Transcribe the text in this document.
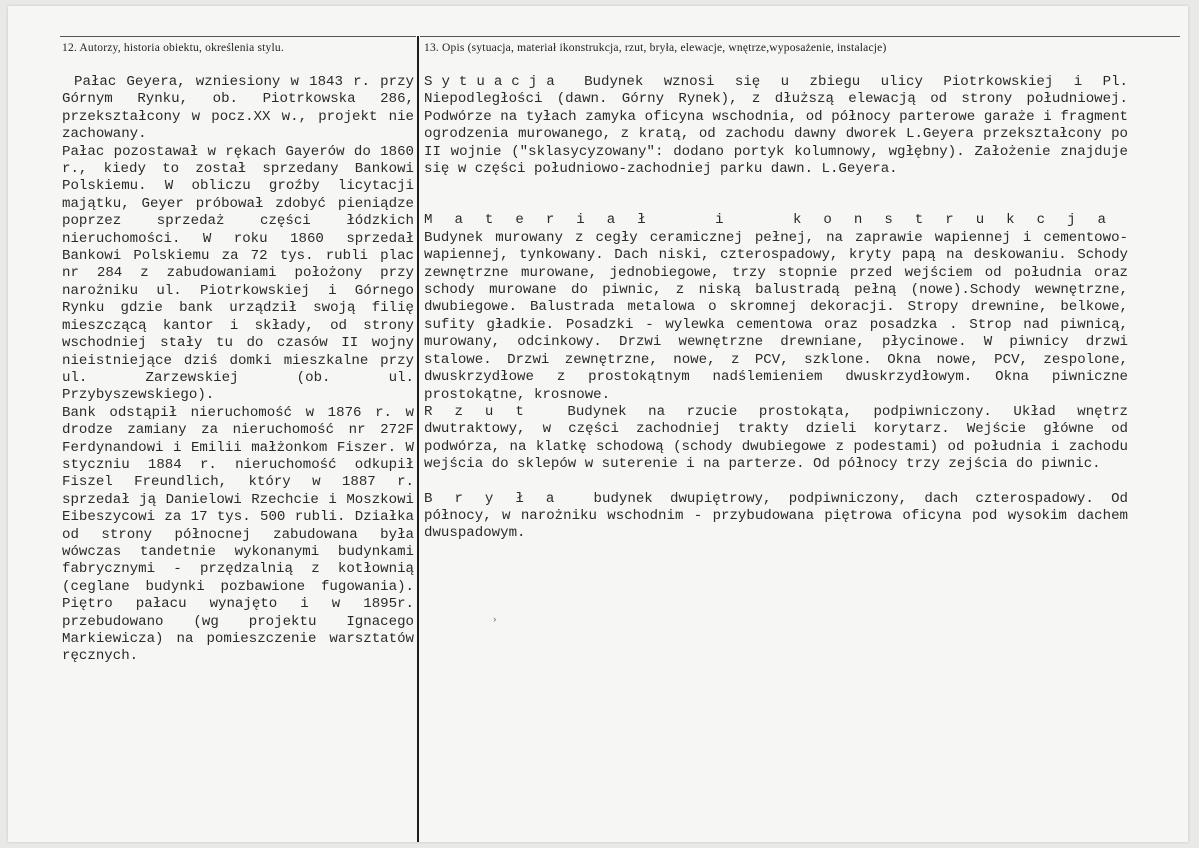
12. Autorzy, historia obiektu, określenia stylu.	13. Opis (sytuacja, materiał ikonstrukcja, rzut, bryła, elewacje, wnętrze,wyposażenie, instalacje)

Pałac Geyera, wzniesiony w 1843 r. przy Górnym Rynku, ob. Piotrkowska 286, przekształcony w pocz.XX w., projekt nie zachowany.

Pałac pozostawał w rękach Gayerów do 1860 r., kiedy to został sprzedany Bankowi Polskiemu. W obliczu groźby licytacji majątku, Geyer próbował zdobyć pieniądze poprzez sprzedaż części łódzkich nieruchomości. W roku 1860 sprzedał Bankowi Polskiemu za 72 tys. rubli plac nr 284 z zabudowaniami położony przy narożniku ul. Piotrkowskiej i Górnego Rynku gdzie bank urządził swoją filię mieszczącą kantor i składy, od strony wschodniej stały tu do czasów II wojny nieistniejące dziś domki mieszkalne przy ul. Zarzewskiej (ob. ul. Przybyszewskiego).

Bank odstąpił nieruchomość w 1876 r. w drodze zamiany za nieruchomość nr 272F Ferdynandowi i Emilii małżonkom Fiszer. W styczniu 1884 r. nieruchomość odkupił Fiszel Freundlich, który w 1887 r. sprzedał ją Danielowi Rzechcie i Moszkowi Eibeszycowi za 17 tys. 500 rubli. Działka od strony północnej zabudowana była wówczas tandetnie wykonanymi budynkami fabrycznymi - przędzalnią z kotłownią (ceglane budynki pozbawione fugowania). Piętro pałacu wynajęto i w 1895r. przebudowano (wg projektu Ignacego Markiewicza) na pomieszczenie warsztatów ręcznych.

Sytuacja Budynek wznosi się u zbiegu ulicy Piotrkowskiej i Pl. Niepodległości (dawn. Górny Rynek), z dłuższą elewacją od strony południowej. Podwórze na tyłach zamyka oficyna wschodnia, od północy parterowe garaże i fragment ogrodzenia murowanego, z kratą, od zachodu dawny dworek L.Geyera przekształcony po II wojnie ("sklasycyzowany": dodano portyk kolumnowy, wgłębny). Założenie znajduje się w części południowo-zachodniej parku dawn. L.Geyera.

Materiał i konstrukcja Budynek murowany z cegły ceramicznej pełnej, na zaprawie wapiennej i cementowo-wapiennej, tynkowany. Dach niski, czterospadowy, kryty papą na deskowaniu. Schody zewnętrzne murowane, jednobiegowe, trzy stopnie przed wejściem od południa oraz schody murowane do piwnic, z niską balustradą pełną (nowe).Schody wewnętrzne, dwubiegowe. Balustrada metalowa o skromnej dekoracji. Stropy drewnine, belkowe, sufity gładkie. Posadzki - wylewka cementowa oraz posadzka . Strop nad piwnicą, murowany, odcinkowy. Drzwi wewnętrzne drewniane, płycinowe. W piwnicy drzwi stalowe. Drzwi zewnętrzne, nowe, z PCV, szklone. Okna nowe, PCV, zespolone, dwuskrzydłowe z prostokątnym nadślemieniem dwuskrzydłowym. Okna piwniczne prostokątne, krosnowe.

Rzut Budynek na rzucie prostokąta, podpiwniczony. Układ wnętrz dwutraktowy, w części zachodniej trakty dzieli korytarz. Wejście główne od podwórza, na klatkę schodową (schody dwubiegowe z podestami) od południa i zachodu wejścia do sklepów w suterenie i na parterze. Od północy trzy zejścia do piwnic.

Bryła budynek dwupiętrowy, podpiwniczony, dach czterospadowy. Od północy, w narożniku wschodnim - przybudowana piętrowa oficyna pod wysokim dachem dwuspadowym.

›
